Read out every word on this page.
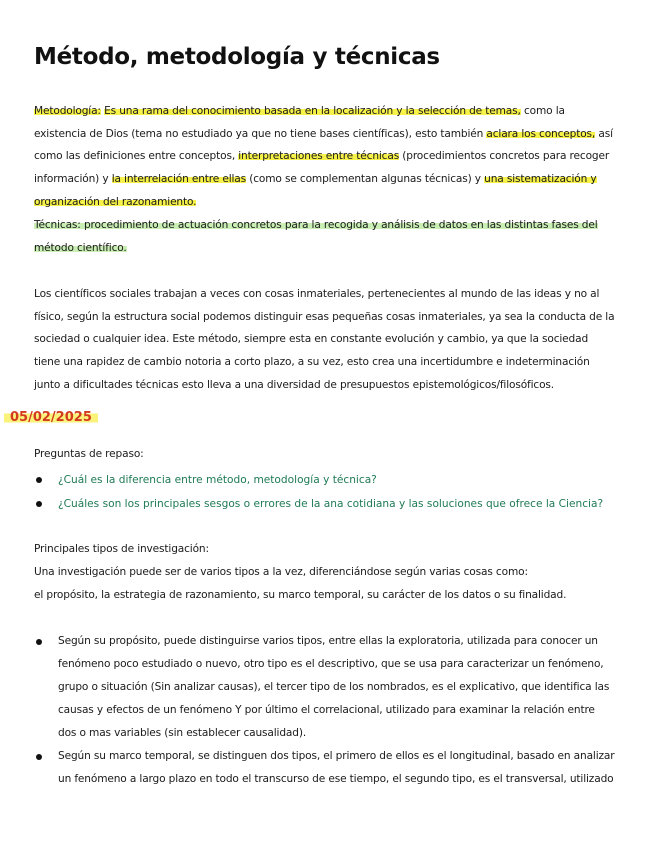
Método, metodología y técnicas

Metodología: Es una rama del conocimiento basada en la localización y la selección de temas, como la existencia de Dios (tema no estudiado ya que no tiene bases científicas), esto también aclara los conceptos, así como las definiciones entre conceptos, interpretaciones entre técnicas (procedimientos concretos para recoger información) y la interrelación entre ellas (como se complementan algunas técnicas) y una sistematización y organización del razonamiento.

Técnicas: procedimiento de actuación concretos para la recogida y análisis de datos en las distintas fases del método científico.

Los científicos sociales trabajan a veces con cosas inmateriales, pertenecientes al mundo de las ideas y no al físico, según la estructura social podemos distinguir esas pequeñas cosas inmateriales, ya sea la conducta de la sociedad o cualquier idea. Este método, siempre esta en constante evolución y cambio, ya que la sociedad tiene una rapidez de cambio notoria a corto plazo, a su vez, esto crea una incertidumbre e indeterminación junto a dificultades técnicas esto lleva a una diversidad de presupuestos epistemológicos/filosóficos.

05/02/2025
Preguntas de repaso:
¿Cuál es la diferencia entre método, metodología y técnica?
¿Cuáles son los principales sesgos o errores de la ana cotidiana y las soluciones que ofrece la Ciencia?
Principales tipos de investigación:
Una investigación puede ser de varios tipos a la vez, diferenciándose según varias cosas como:
el propósito, la estrategia de razonamiento, su marco temporal, su carácter de los datos o su finalidad.
Según su propósito, puede distinguirse varios tipos, entre ellas la exploratoria, utilizada para conocer un fenómeno poco estudiado o nuevo, otro tipo es el descriptivo, que se usa para caracterizar un fenómeno, grupo o situación (Sin analizar causas), el tercer tipo de los nombrados, es el explicativo, que identifica las causas y efectos de un fenómeno Y por último el correlacional, utilizado para examinar la relación entre dos o mas variables (sin establecer causalidad).
Según su marco temporal, se distinguen dos tipos, el primero de ellos es el longitudinal, basado en analizar un fenómeno a largo plazo en todo el transcurso de ese tiempo, el segundo tipo, es el transversal, utilizado
